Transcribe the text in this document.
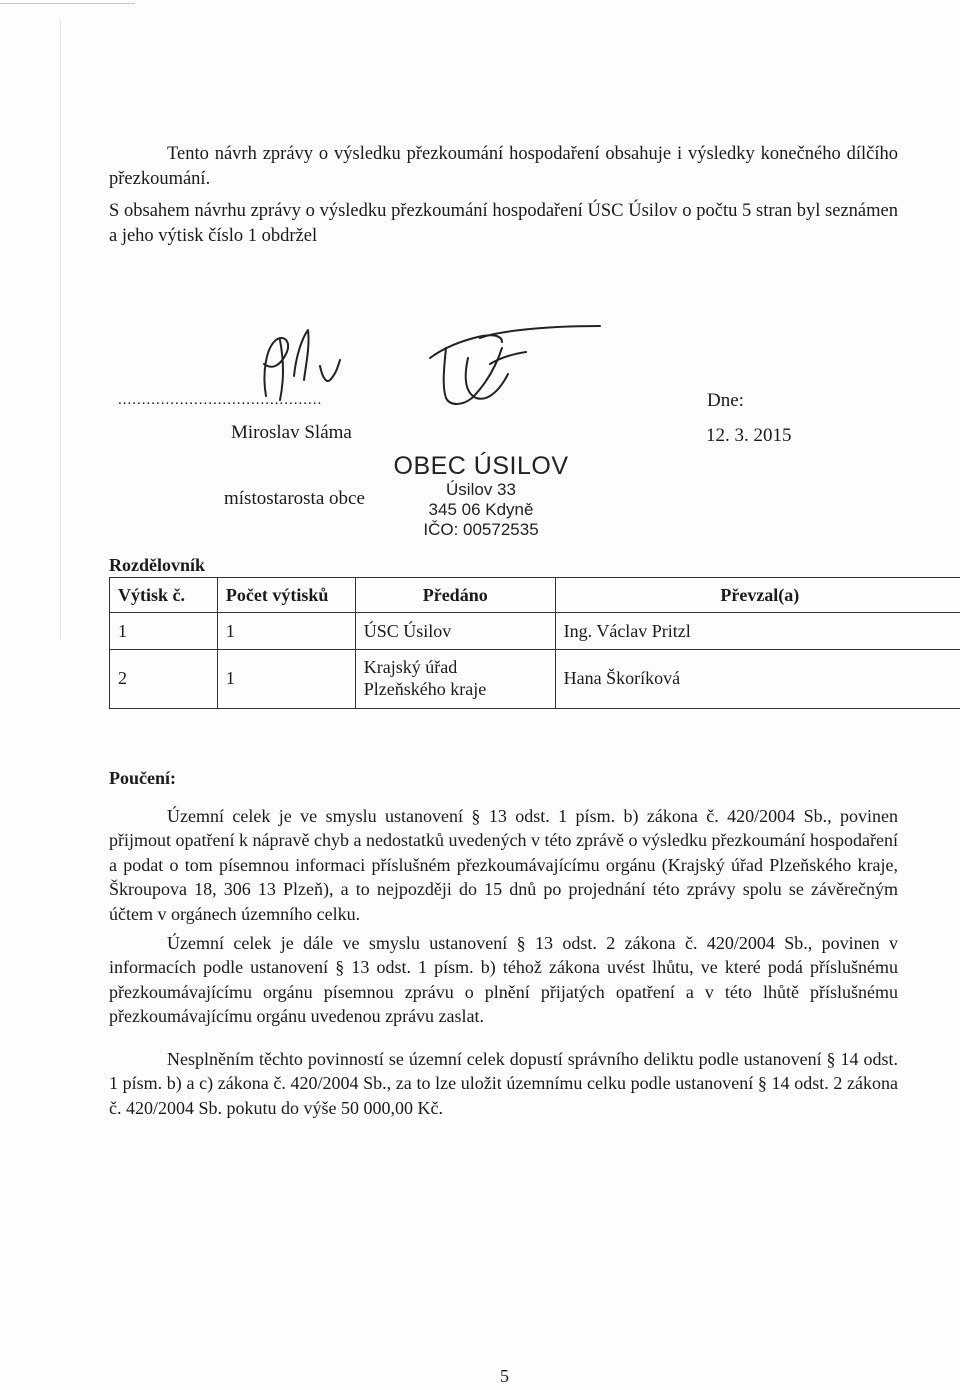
Tento návrh zprávy o výsledku přezkoumání hospodaření obsahuje i výsledky konečného dílčího přezkoumání.
S obsahem návrhu zprávy o výsledku přezkoumání hospodaření ÚSC Úsilov o počtu 5 stran byl seznámen a jeho výtisk číslo 1 obdržel
...........................................
Miroslav Sláma
místostarosta obce
Dne:
12. 3. 2015
OBEC ÚSILOV
Úsilov 33
345 06 Kdyně
IČO: 00572535
Rozdělovník
Výtisk č.	Počet výtisků	Předáno	Převzal(a)
1	1	ÚSC Úsilov	Ing. Václav Pritzl
2	1	Krajský úřad Plzeňského kraje	Hana Škoríková
Poučení:
Územní celek je ve smyslu ustanovení § 13 odst. 1 písm. b) zákona č. 420/2004 Sb., povinen přijmout opatření k nápravě chyb a nedostatků uvedených v této zprávě o výsledku přezkoumání hospodaření a podat o tom písemnou informaci příslušném přezkoumávajícímu orgánu (Krajský úřad Plzeňského kraje, Škroupova 18, 306 13 Plzeň), a to nejpozději do 15 dnů po projednání této zprávy spolu se závěrečným účtem v orgánech územního celku.
Územní celek je dále ve smyslu ustanovení § 13 odst. 2 zákona č. 420/2004 Sb., povinen v informacích podle ustanovení § 13 odst. 1 písm. b) téhož zákona uvést lhůtu, ve které podá příslušnému přezkoumávajícímu orgánu písemnou zprávu o plnění přijatých opatření a v této lhůtě příslušnému přezkoumávajícímu orgánu uvedenou zprávu zaslat.
Nesplněním těchto povinností se územní celek dopustí správního deliktu podle ustanovení § 14 odst. 1 písm. b) a c) zákona č. 420/2004 Sb., za to lze uložit územnímu celku podle ustanovení § 14 odst. 2 zákona č. 420/2004 Sb. pokutu do výše 50 000,00 Kč.
5
